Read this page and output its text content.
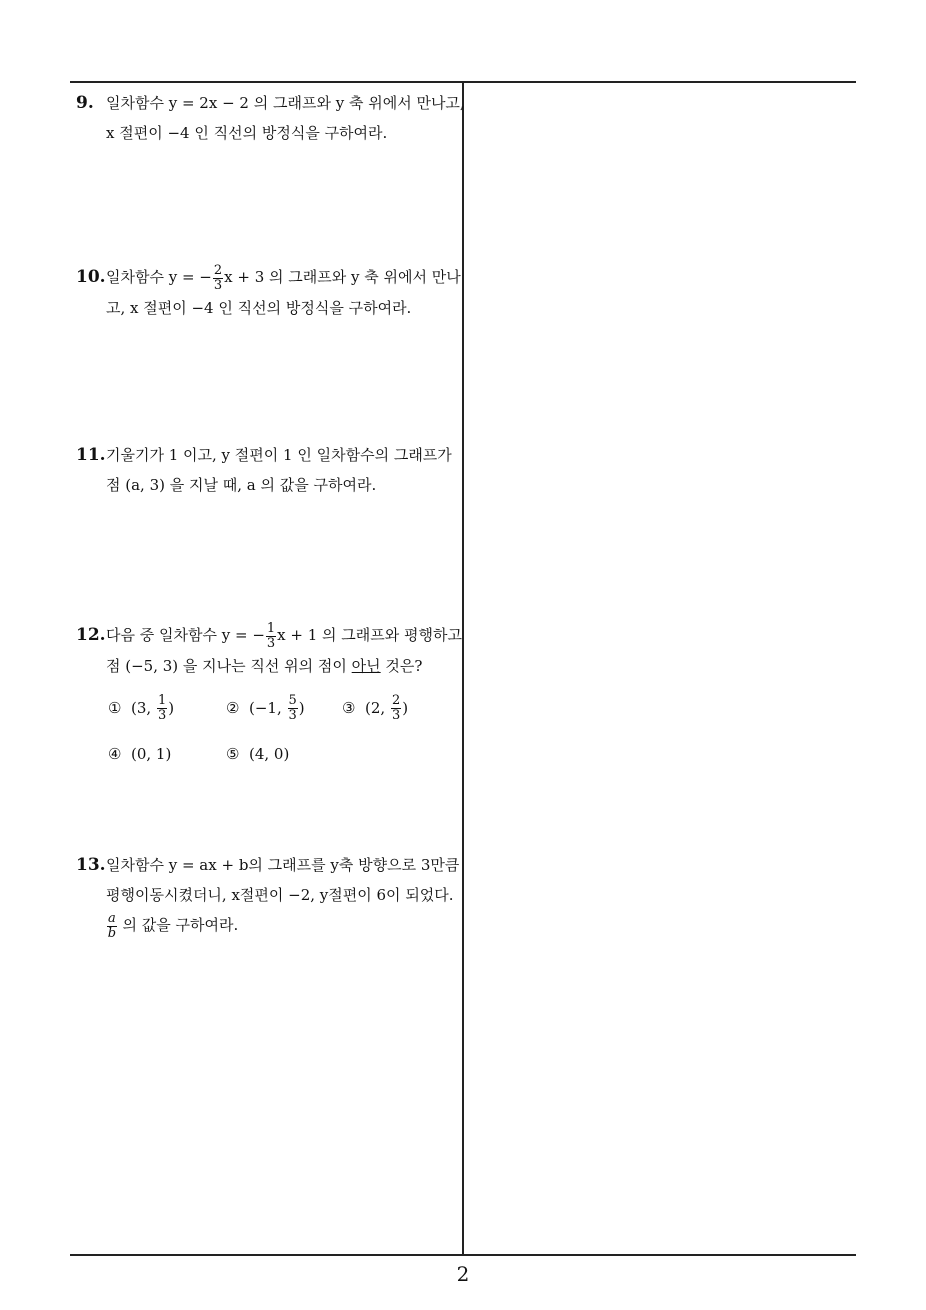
9. 일차함수 y = 2x − 2 의 그래프와 y 축 위에서 만나고,
x 절편이 −4 인 직선의 방정식을 구하여라.
10. 일차함수 y = − $\frac{2}{3}$ x + 3 의 그래프와 y 축 위에서 만나
고, x 절편이 −4 인 직선의 방정식을 구하여라.
11. 기울기가 1 이고, y 절편이 1 인 일차함수의 그래프가
점 (a, 3) 을 지날 때, a 의 값을 구하여라.
12. 다음 중 일차함수 y = − $\frac{1}{3}$ x + 1 의 그래프와 평행하고
점 (−5, 3) 을 지나는 직선 위의 점이 아닌 것은?
① (3, $\frac{1}{3}$ )	② (−1, $\frac{5}{3}$ ) ③ (2, $\frac{2}{3}$ )
④ (0, 1)	⑤ (4, 0)
13. 일차함수 y = ax + b의 그래프를 y축 방향으로 3만큼
평행이동시켰더니, x절편이 −2, y절편이 6이 되었다.
$\frac{a}{b}$ 의 값을 구하여라.
2
